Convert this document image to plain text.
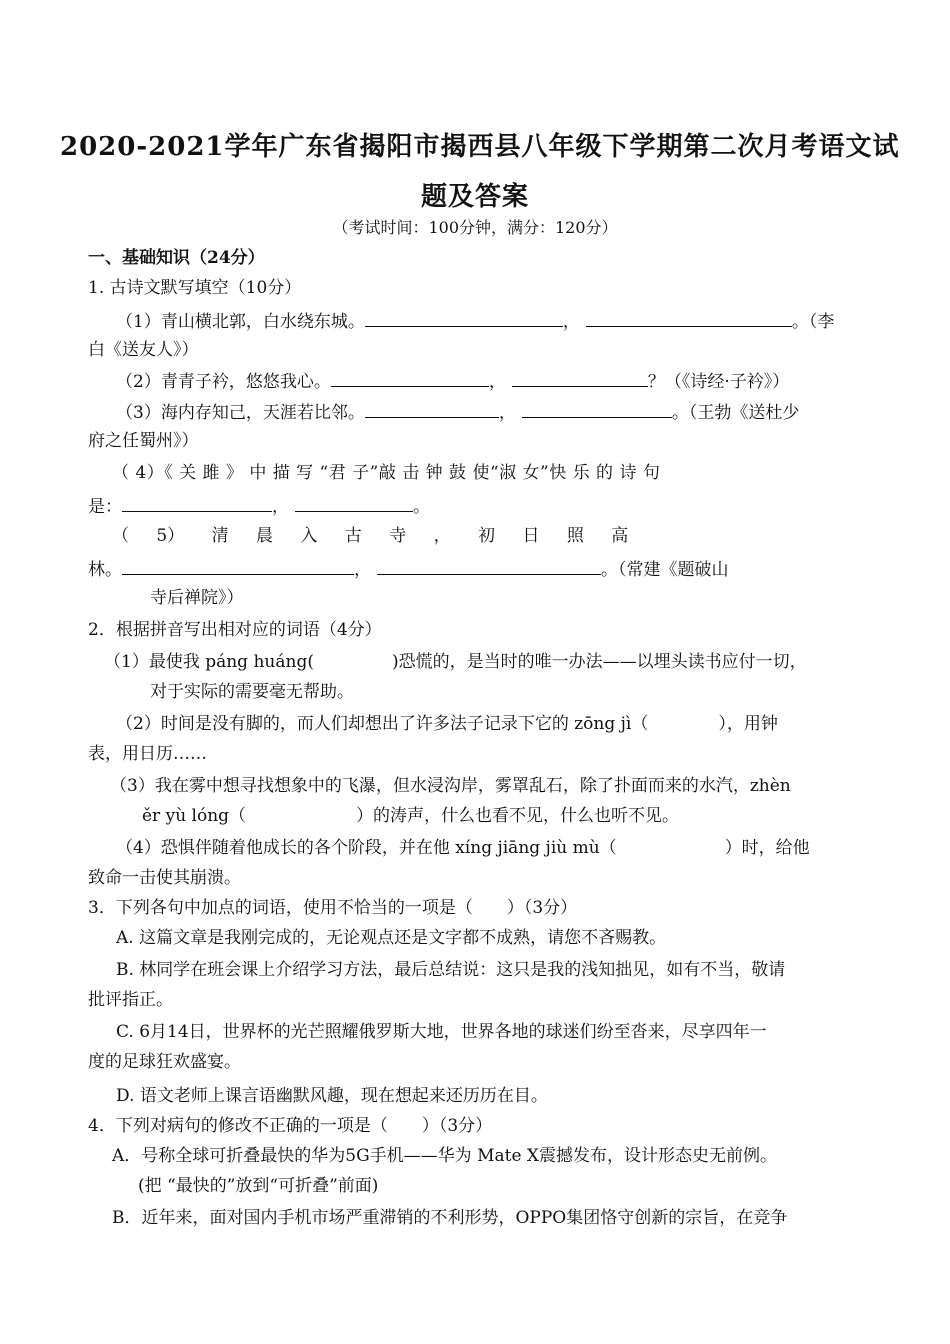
2020-2021学年广东省揭阳市揭西县八年级下学期第二次月考语文试
题及答案
（考试时间：100分钟，满分：120分）
一、基础知识（24分）
1. 古诗文默写填空（10分）
（1）青山横北郭，白水绕东城。	，	。（李
白《送友人》）
（2）青青子衿，悠悠我心。	，	？（《诗经·子衿》）
（3）海内存知己，天涯若比邻。	，	。（王勃《送杜少
府之任蜀州》）
（ 4）《 关 雎 》 中 描 写 “君 子”敲 击 钟 鼓 使“淑 女”快 乐 的 诗 句
是：	，	。
（ 5） 清 晨 入 古 寺 ， 初 日 照 高
林。	，	。（常建《题破山
寺后禅院》）
2．根据拼音写出相对应的词语（4分）
（1）最使我 páng huáng(	)恐慌的，是当时的唯一办法——以埋头读书应付一切，
对于实际的需要毫无帮助。
（2）时间是没有脚的，而人们却想出了许多法子记录下它的 zōng jì（	），用钟
表，用日历……
（3）我在雾中想寻找想象中的飞瀑，但水浸沟岸，雾罩乱石，除了扑面而来的水汽，zhèn
ěr yù lóng（	）的涛声，什么也看不见，什么也听不见。
（4）恐惧伴随着他成长的各个阶段，并在他 xíng jiāng jiù mù（	）时，给他
致命一击使其崩溃。
3．下列各句中加点的词语，使用不恰当的一项是（　　）（3分）
A. 这篇文章是我刚完成的，无论观点还是文字都不成熟，请您不吝赐教。
B. 林同学在班会课上介绍学习方法，最后总结说：这只是我的浅知拙见，如有不当，敬请
批评指正。
C. 6月14日，世界杯的光芒照耀俄罗斯大地，世界各地的球迷们纷至沓来，尽享四年一
度的足球狂欢盛宴。
D. 语文老师上课言语幽默风趣，现在想起来还历历在目。
4．下列对病句的修改不正确的一项是（　　）（3分）
A．号称全球可折叠最快的华为5G手机——华为 Mate X震撼发布，设计形态史无前例。
(把 “最快的”放到“可折叠”前面)
B．近年来，面对国内手机市场严重滞销的不利形势，OPPO集团恪守创新的宗旨，在竞争
